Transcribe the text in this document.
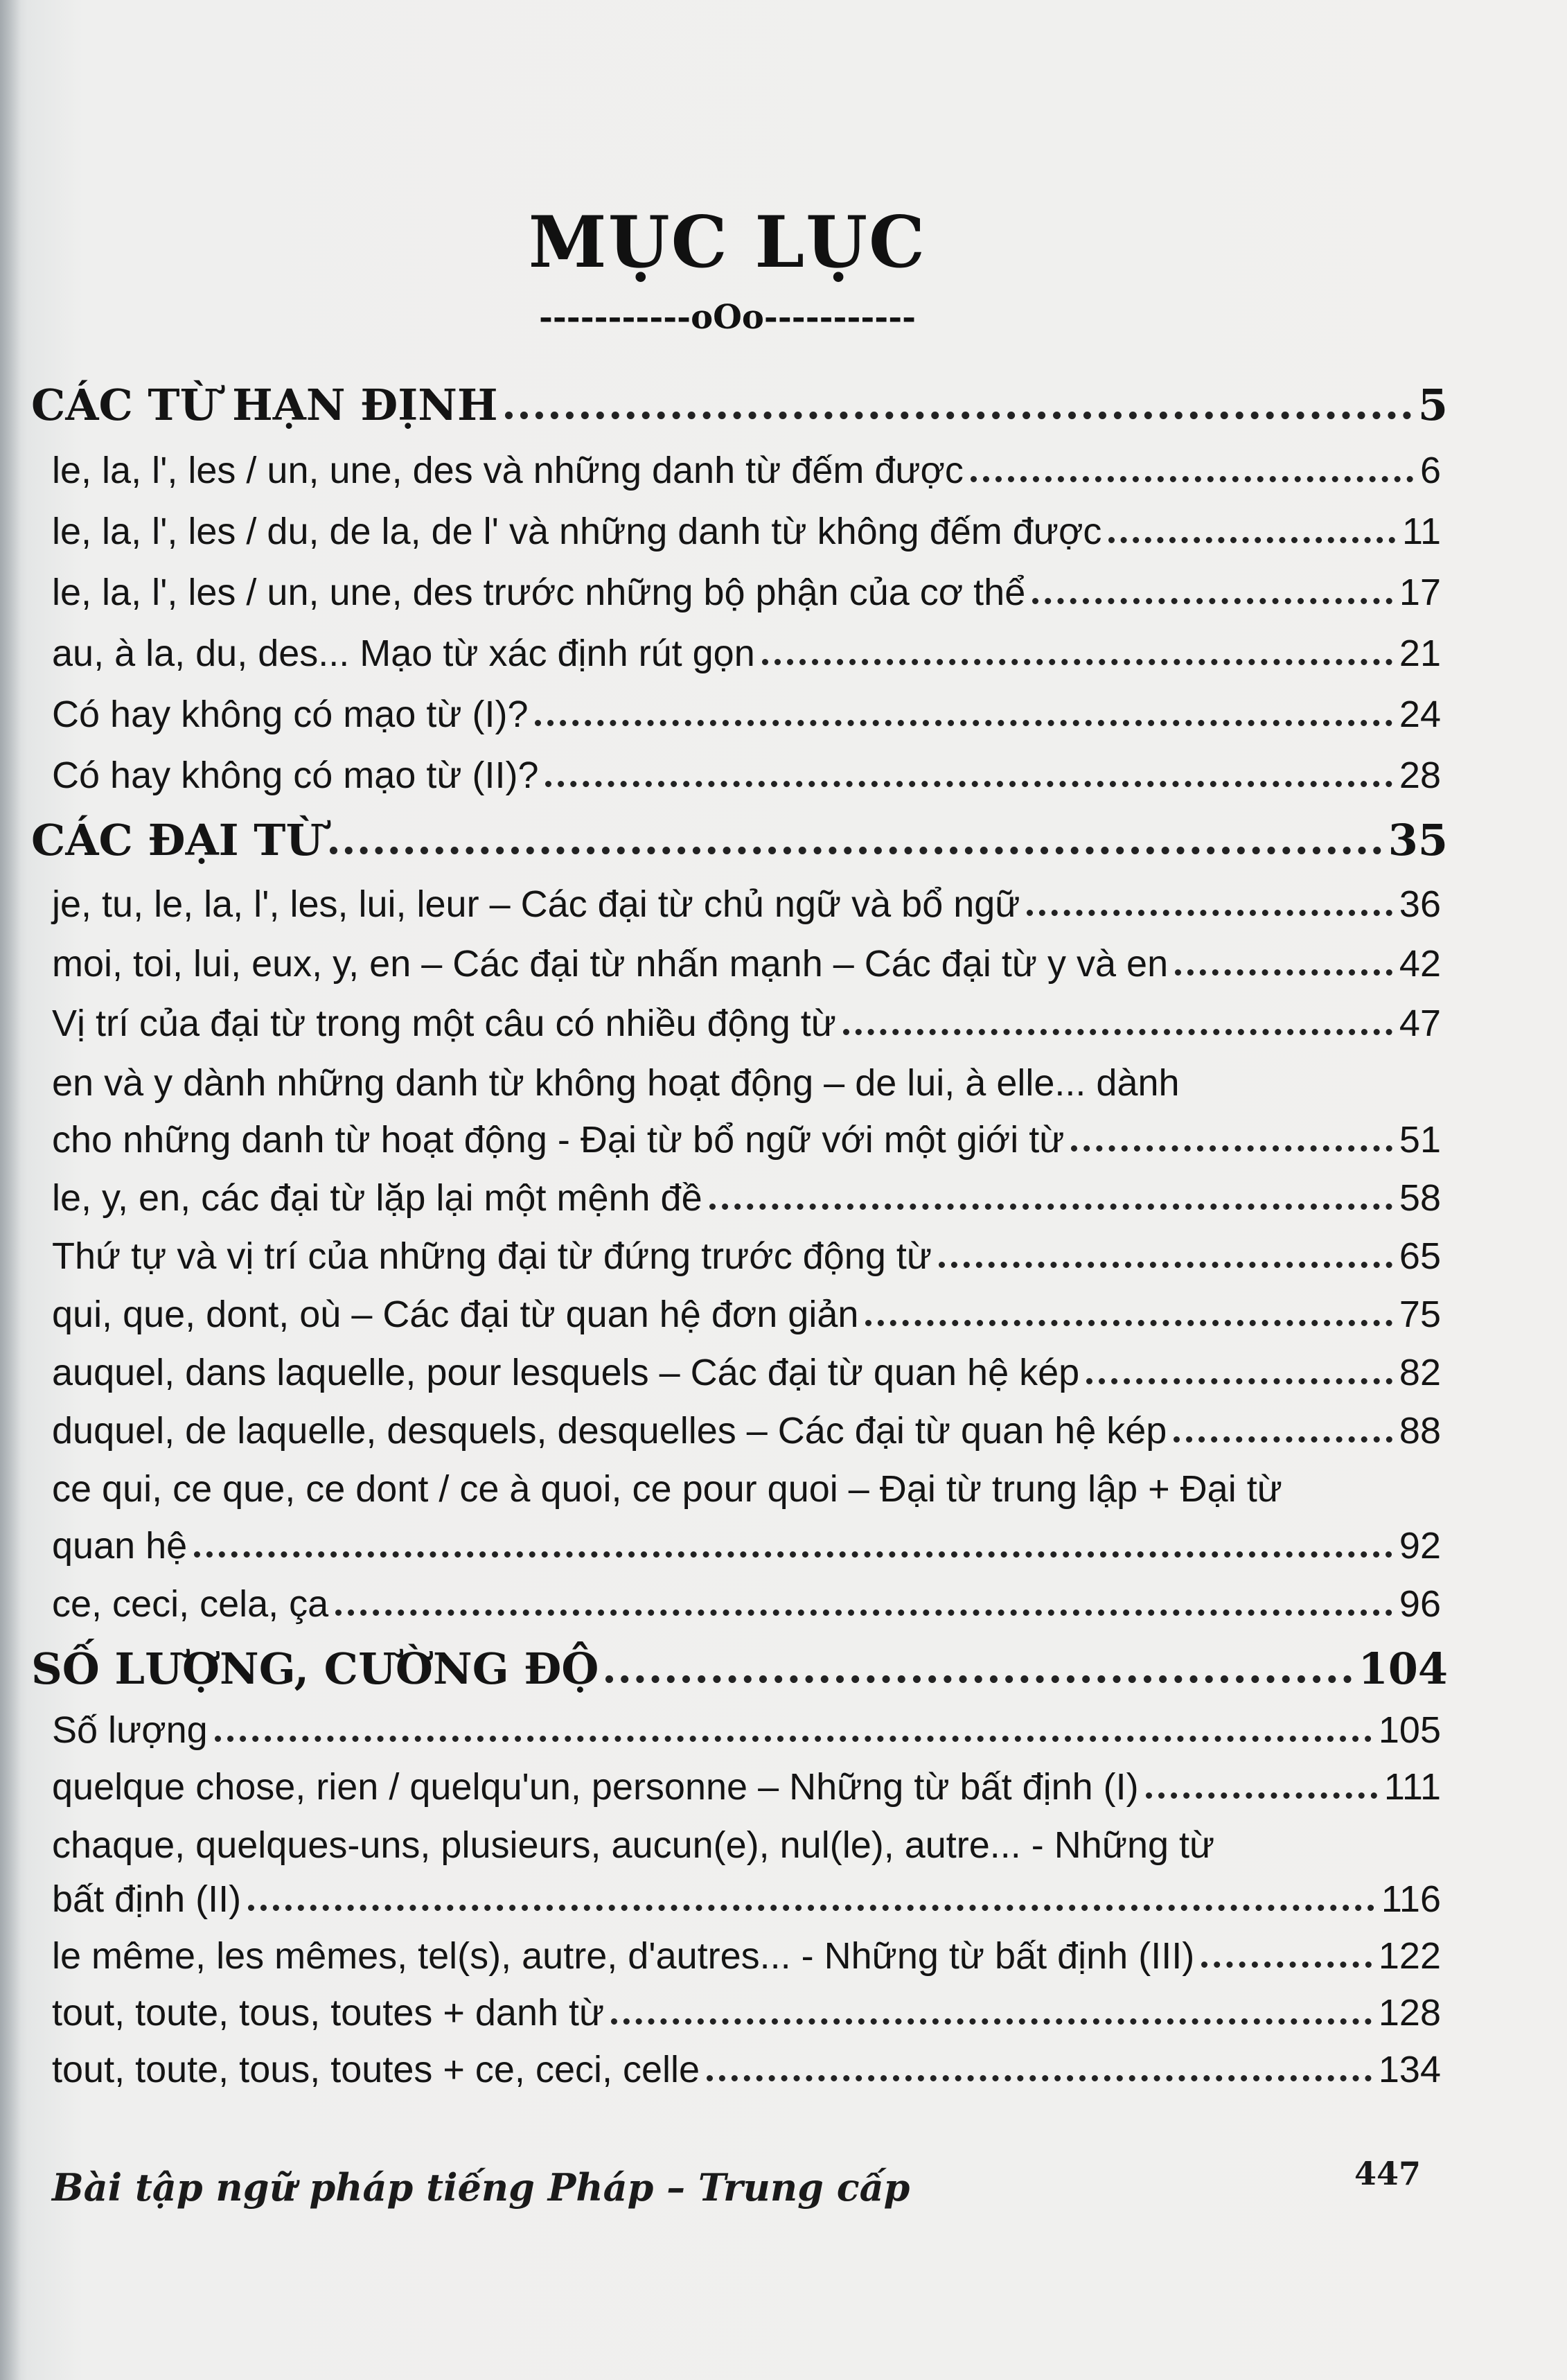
MỤC LỤC
-----------oOo-----------
CÁC TỪ HẠN ĐỊNH	5
le, la, l', les / un, une, des và những danh từ đếm được	6
le, la, l', les / du, de la, de l' và những danh từ không đếm được	11
le, la, l', les / un, une, des trước những bộ phận của cơ thể	17
au, à la, du, des... Mạo từ xác định rút gọn	21
Có hay không có mạo từ (I)?	24
Có hay không có mạo từ (II)?	28
CÁC ĐẠI TỪ	35
je, tu, le, la, l', les, lui, leur – Các đại từ chủ ngữ và bổ ngữ	36
moi, toi, lui, eux, y, en – Các đại từ nhấn mạnh – Các đại từ y và en	42
Vị trí của đại từ trong một câu có nhiều động từ	47
en và y dành những danh từ không hoạt động – de lui, à elle... dành
cho những danh từ hoạt động - Đại từ bổ ngữ với một giới từ	51
le, y, en, các đại từ lặp lại một mệnh đề	58
Thứ tự và vị trí của những đại từ đứng trước động từ	65
qui, que, dont, où – Các đại từ quan hệ đơn giản	75
auquel, dans laquelle, pour lesquels – Các đại từ quan hệ kép	82
duquel, de laquelle, desquels, desquelles – Các đại từ quan hệ kép	88
ce qui, ce que, ce dont / ce à quoi, ce pour quoi – Đại từ trung lập + Đại từ
quan hệ	92
ce, ceci, cela, ça	96
SỐ LƯỢNG, CƯỜNG ĐỘ	104
Số lượng	105
quelque chose, rien / quelqu'un, personne – Những từ bất định (I)	111
chaque, quelques-uns, plusieurs, aucun(e), nul(le), autre... - Những từ
bất định (II)	116
le même, les mêmes, tel(s), autre, d'autres... - Những từ bất định (III)	122
tout, toute, tous, toutes + danh từ	128
tout, toute, tous, toutes + ce, ceci, celle	134
Bài tập ngữ pháp tiếng Pháp – Trung cấp	447
